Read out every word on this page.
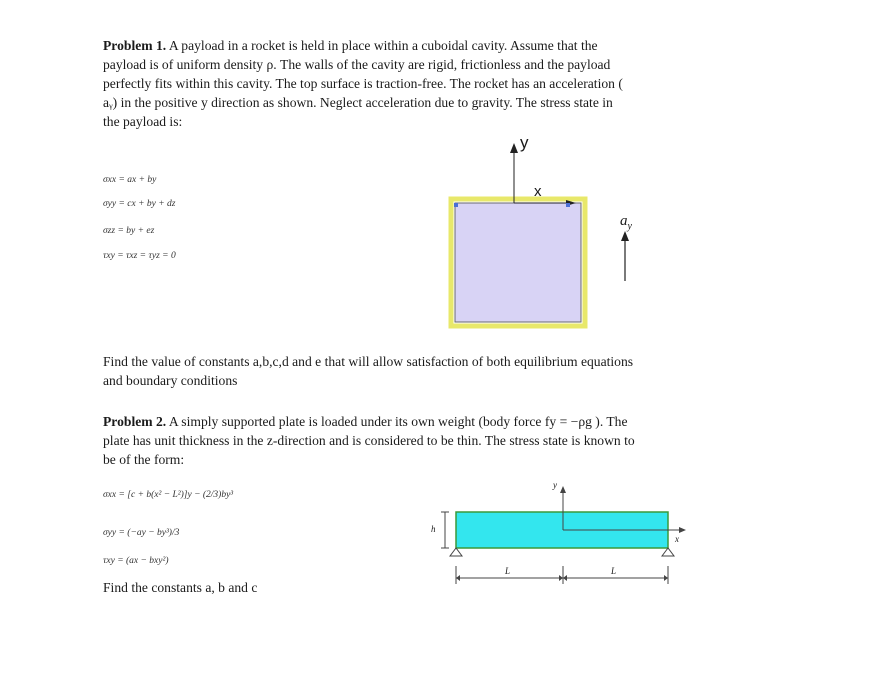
Problem 1. A payload in a rocket is held in place within a cuboidal cavity. Assume that the
payload is of uniform density ρ. The walls of the cavity are rigid, frictionless and the payload
perfectly fits within this cavity. The top surface is traction-free. The rocket has an acceleration (
aᵧ) in the positive y direction as shown. Neglect acceleration due to gravity. The stress state in
the payload is:
σxx = ax + by
σyy = cx + by + dz
σzz = by + ez
τxy = τxz = τyz = 0
y
x
$a_y$
Find the value of constants a,b,c,d and e that will allow satisfaction of both equilibrium equations
and boundary conditions
Problem 2. A simply supported plate is loaded under its own weight (body force fy = −ρg ). The
plate has unit thickness in the z-direction and is considered to be thin. The stress state is known to
be of the form:
σxx = [c + b(x² − L²)]y − (2/3)by³
σyy = (−ay − by³)/3
τxy = (ax − bxy²)
Find the constants a, b and c
y
h
x
L	L
